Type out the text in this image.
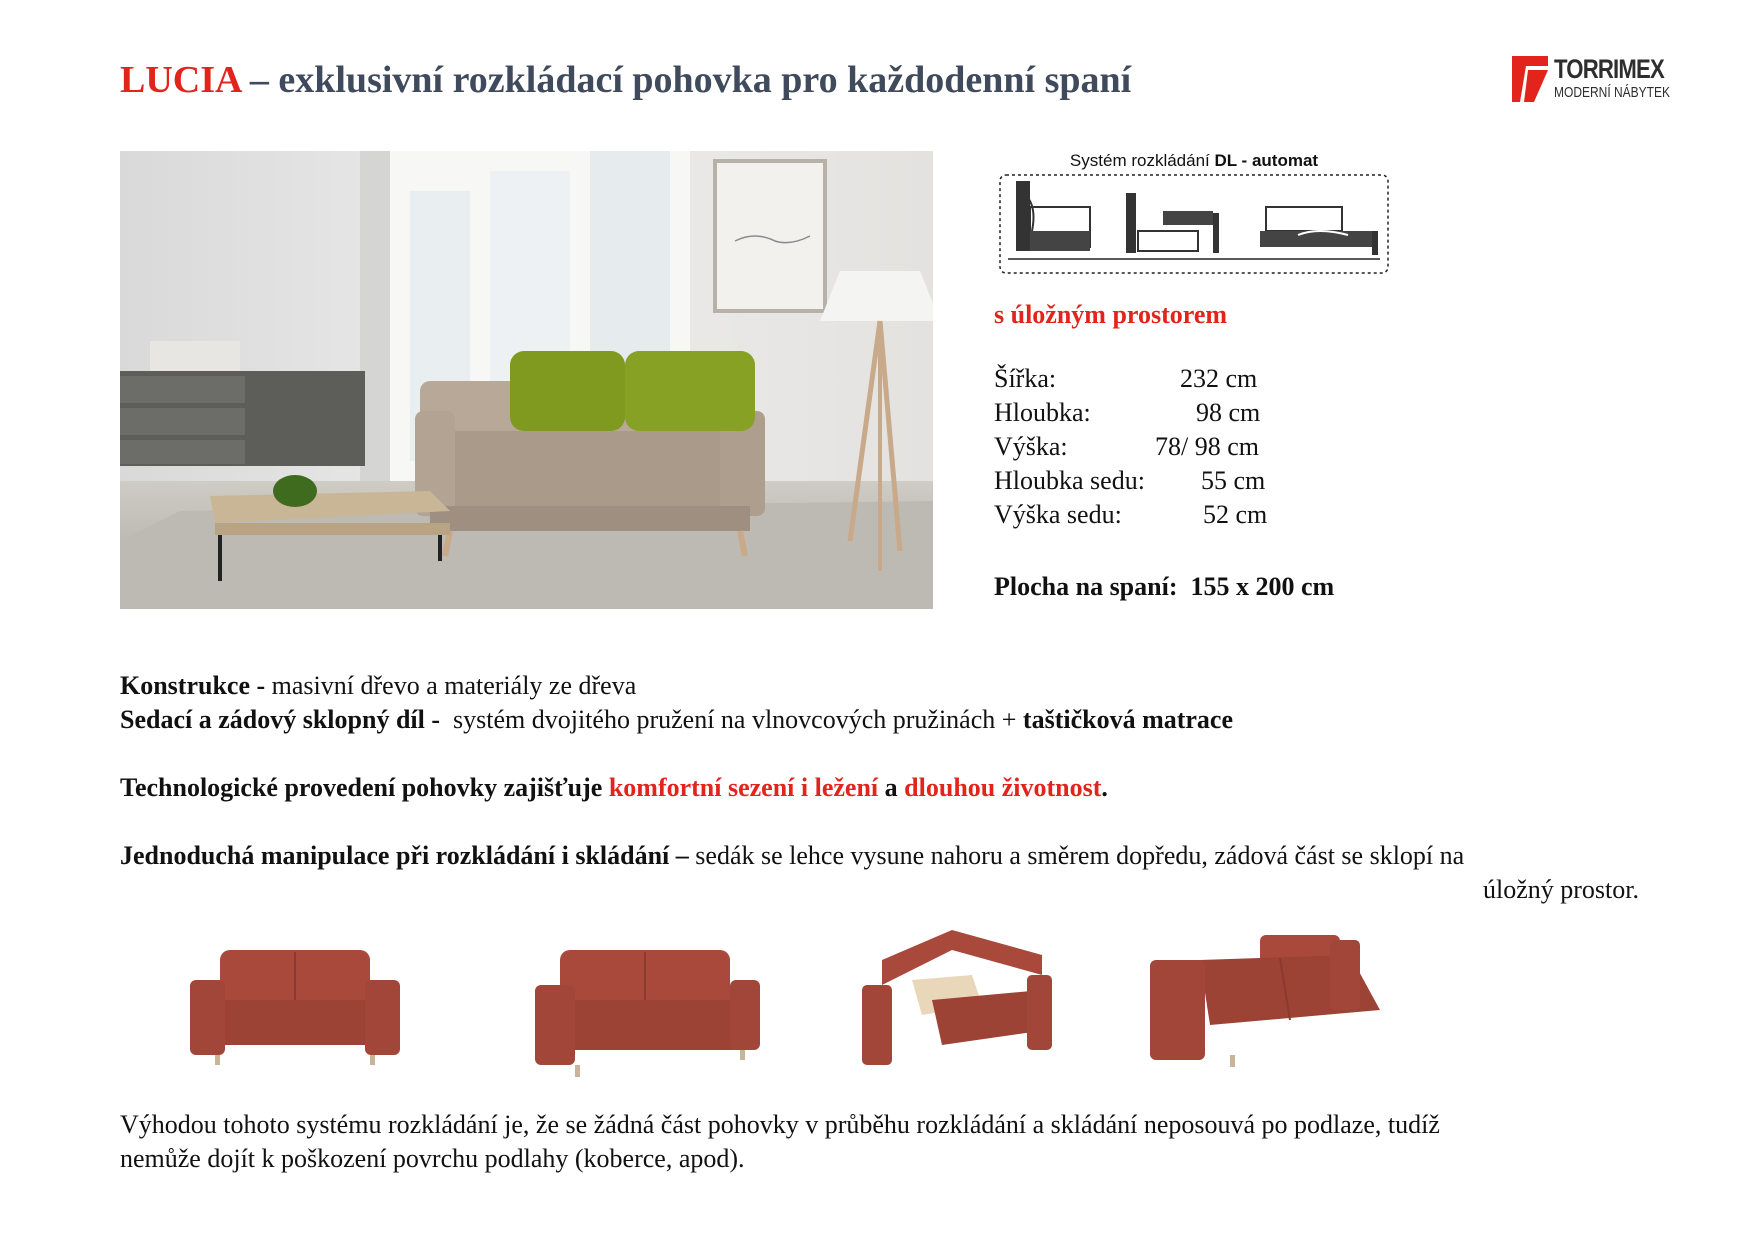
LUCIA – exklusivní rozkládací pohovka pro každodenní spaní	TORRIMEX
MODERNÍ NÁBYTEK
Systém rozkládání DL - automat
s úložným prostorem
Šířka:	232 cm
Hloubka:	98 cm
Výška:	78/ 98 cm
Hloubka sedu: 55 cm
Výška sedu:	52 cm
Plocha na spaní: 155 x 200 cm
Konstrukce - masivní dřevo a materiály ze dřeva
Sedací a zádový sklopný díl -  systém dvojitého pružení na vlnovcových pružinách + taštičková matrace
Technologické provedení pohovky zajišťuje komfortní sezení i ležení a dlouhou životnost.
Jednoduchá manipulace při rozkládání i skládání – sedák se lehce vysune nahoru a směrem dopředu, zádová část se sklopí na
úložný prostor.
Výhodou tohoto systému rozkládání je, že se žádná část pohovky v průběhu rozkládání a skládání neposouvá po podlaze, tudíž
nemůže dojít k poškození povrchu podlahy (koberce, apod).
